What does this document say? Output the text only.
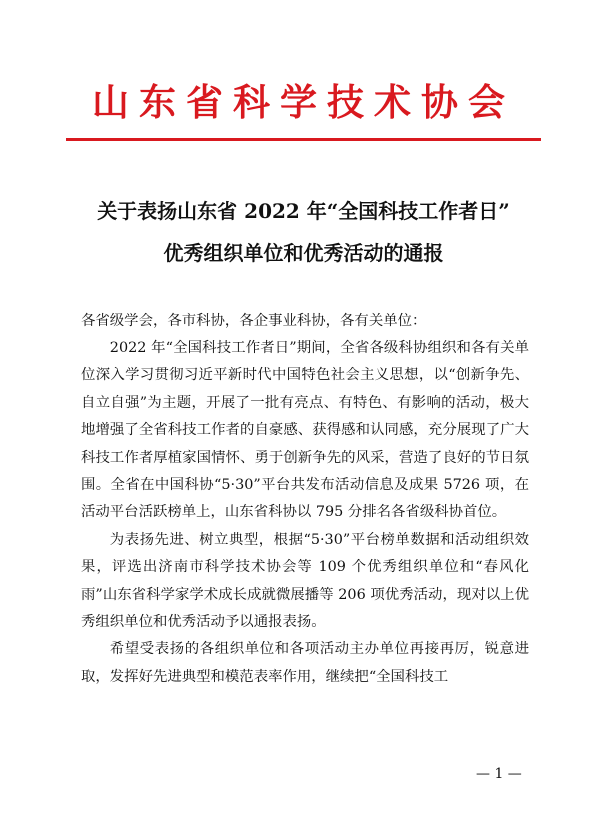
山东省科学技术协会
关于表扬山东省 2022 年“全国科技工作者日”
优秀组织单位和优秀活动的通报
各省级学会，各市科协，各企事业科协，各有关单位：

2022 年“全国科技工作者日”期间，全省各级科协组织和各有关单位深入学习贯彻习近平新时代中国特色社会主义思想，以“创新争先、自立自强”为主题，开展了一批有亮点、有特色、有影响的活动，极大地增强了全省科技工作者的自豪感、获得感和认同感，充分展现了广大科技工作者厚植家国情怀、勇于创新争先的风采，营造了良好的节日氛围。全省在中国科协“5·30”平台共发布活动信息及成果 5726 项，在活动平台活跃榜单上，山东省科协以 795 分排名各省级科协首位。

为表扬先进、树立典型，根据“5·30”平台榜单数据和活动组织效果，评选出济南市科学技术协会等 109 个优秀组织单位和“春风化雨”山东省科学家学术成长成就微展播等 206 项优秀活动，现对以上优秀组织单位和优秀活动予以通报表扬。

希望受表扬的各组织单位和各项活动主办单位再接再厉，锐意进取，发挥好先进典型和模范表率作用，继续把“全国科技工

— 1 —
